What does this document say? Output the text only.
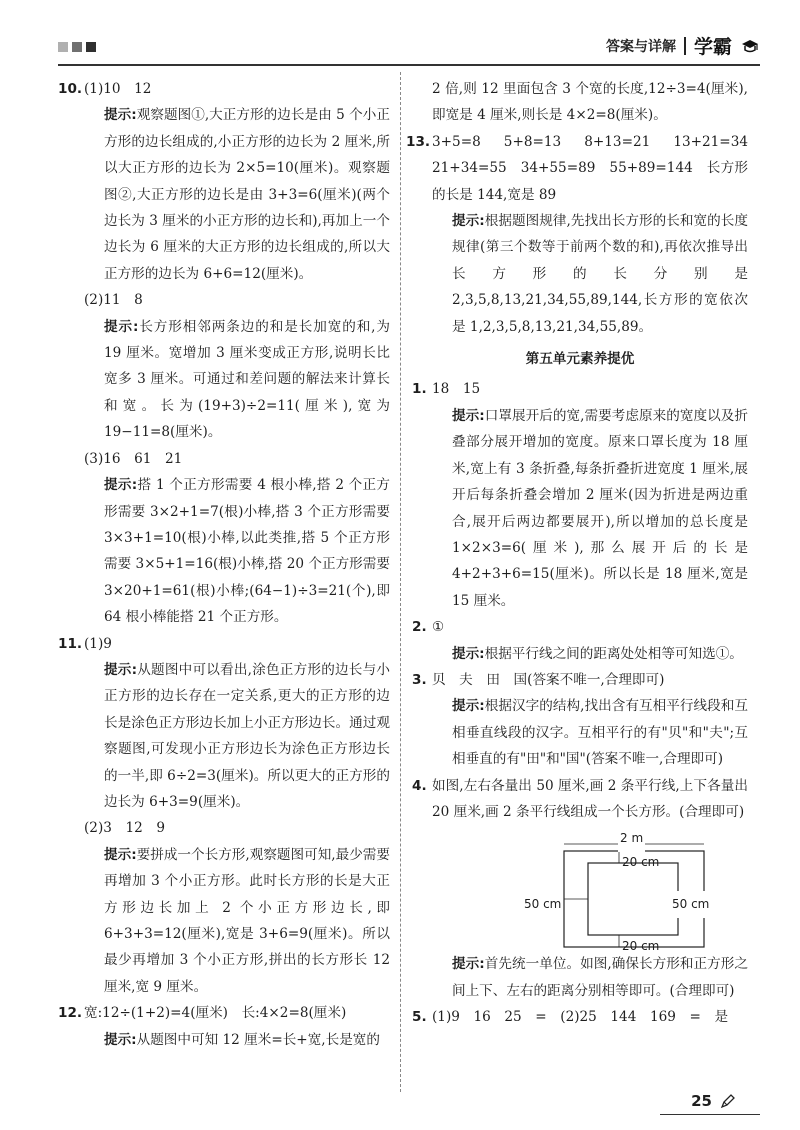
答案与详解 学霸
10. (1)10　12

提示:观察题图①,大正方形的边长是由 5 个小正方形的边长组成的,小正方形的边长为 2 厘米,所以大正方形的边长为 2×5=10(厘米)。观察题图②,大正方形的边长是由 3+3=6(厘米)(两个边长为 3 厘米的小正方形的边长和),再加上一个边长为 6 厘米的大正方形的边长组成的,所以大正方形的边长为 6+6=12(厘米)。

(2)11　8

提示:长方形相邻两条边的和是长加宽的和,为 19 厘米。宽增加 3 厘米变成正方形,说明长比宽多 3 厘米。可通过和差问题的解法来计算长和宽。长为(19+3)÷2=11(厘米),宽为 19−11=8(厘米)。

(3)16　61　21

提示:搭 1 个正方形需要 4 根小棒,搭 2 个正方形需要 3×2+1=7(根)小棒,搭 3 个正方形需要 3×3+1=10(根)小棒,以此类推,搭 5 个正方形需要 3×5+1=16(根)小棒,搭 20 个正方形需要 3×20+1=61(根)小棒;(64−1)÷3=21(个),即 64 根小棒能搭 21 个正方形。

11. (1)9

提示:从题图中可以看出,涂色正方形的边长与小正方形的边长存在一定关系,更大的正方形的边长是涂色正方形边长加上小正方形边长。通过观察题图,可发现小正方形边长为涂色正方形边长的一半,即 6÷2=3(厘米)。所以更大的正方形的边长为 6+3=9(厘米)。

(2)3　12　9

提示:要拼成一个长方形,观察题图可知,最少需要再增加 3 个小正方形。此时长方形的长是大正方形边长加上 2 个小正方形边长,即 6+3+3=12(厘米),宽是 3+6=9(厘米)。所以最少再增加 3 个小正方形,拼出的长方形长 12 厘米,宽 9 厘米。

12. 宽:12÷(1+2)=4(厘米)　长:4×2=8(厘米)

提示:从题图中可知 12 厘米=长+宽,长是宽的

2 倍,则 12 里面包含 3 个宽的长度,12÷3=4(厘米),即宽是 4 厘米,则长是 4×2=8(厘米)。

13. 3+5=8　5+8=13　8+13=21　13+21=34　21+34=55　34+55=89　55+89=144　长方形的长是 144,宽是 89

提示:根据题图规律,先找出长方形的长和宽的长度规律(第三个数等于前两个数的和),再依次推导出长方形的长分别是 2,3,5,8,13,21,34,55,89,144,长方形的宽依次是 1,2,3,5,8,13,21,34,55,89。

第五单元素养提优
1. 18　15

提示:口罩展开后的宽,需要考虑原来的宽度以及折叠部分展开增加的宽度。原来口罩长度为 18 厘米,宽上有 3 条折叠,每条折叠折进宽度 1 厘米,展开后每条折叠会增加 2 厘米(因为折进是两边重合,展开后两边都要展开),所以增加的总长度是 1×2×3=6(厘米),那么展开后的长是 4+2+3+6=15(厘米)。所以长是 18 厘米,宽是 15 厘米。

2. ①

提示:根据平行线之间的距离处处相等可知选①。

3. 贝　夫　田　国(答案不唯一,合理即可)

提示:根据汉字的结构,找出含有互相平行线段和互相垂直线段的汉字。互相平行的有"贝"和"夫";互相垂直的有"田"和"国"(答案不唯一,合理即可)

4. 如图,左右各量出 50 厘米,画 2 条平行线,上下各量出 20 厘米,画 2 条平行线组成一个长方形。(合理即可)

2 m
20 cm
50 cm	50 cm
20 cm

提示:首先统一单位。如图,确保长方形和正方形之间上下、左右的距离分别相等即可。(合理即可)

5. (1)9　16　25　=　(2)25　144　169　=　是

25
